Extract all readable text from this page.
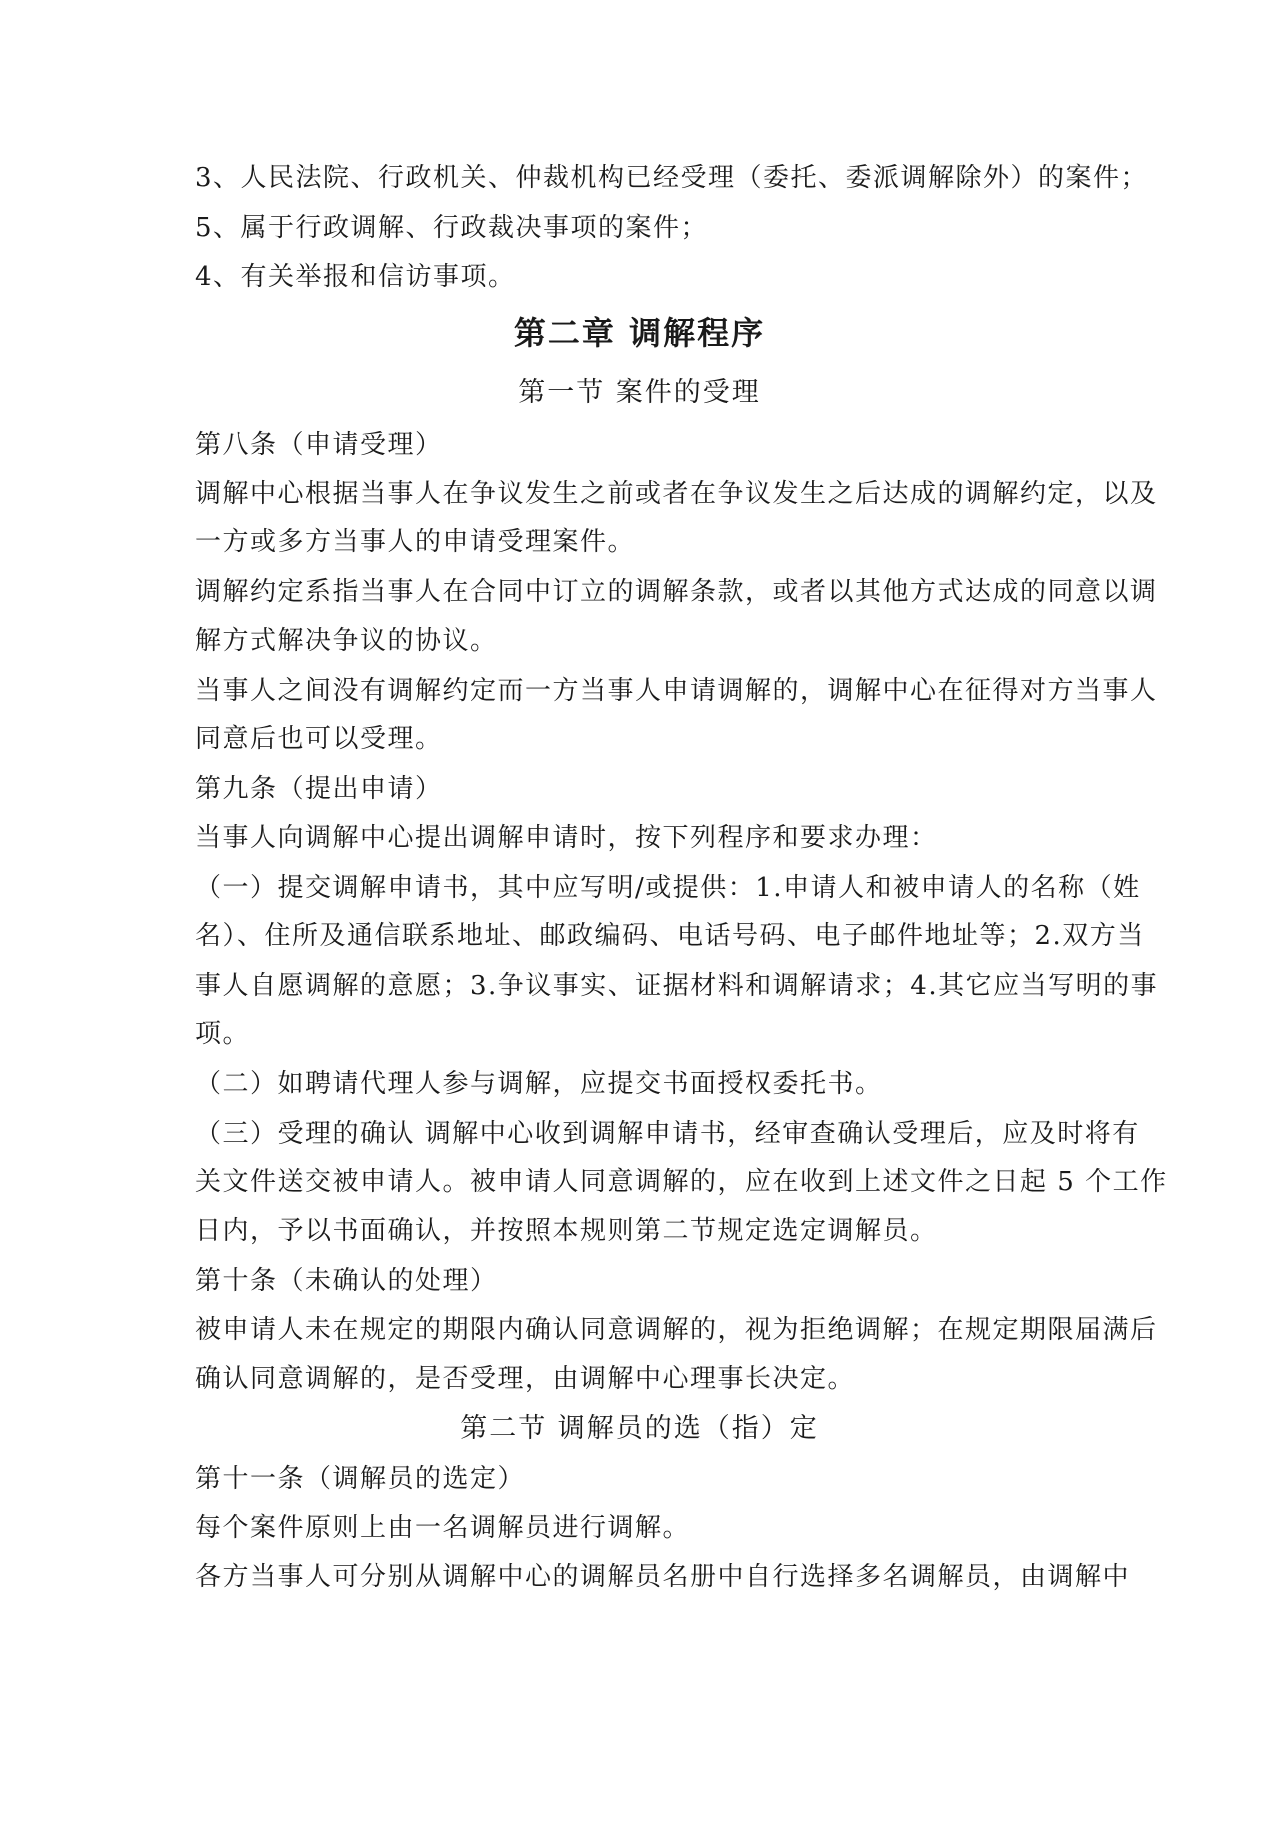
3、人民法院、行政机关、仲裁机构已经受理（委托、委派调解除外）的案件；
5、属于行政调解、行政裁决事项的案件；
4、有关举报和信访事项。
第二章 调解程序
第一节 案件的受理
第八条（申请受理）
调解中心根据当事人在争议发生之前或者在争议发生之后达成的调解约定，以及
一方或多方当事人的申请受理案件。
调解约定系指当事人在合同中订立的调解条款，或者以其他方式达成的同意以调
解方式解决争议的协议。
当事人之间没有调解约定而一方当事人申请调解的，调解中心在征得对方当事人
同意后也可以受理。
第九条（提出申请）
当事人向调解中心提出调解申请时，按下列程序和要求办理：
（一）提交调解申请书，其中应写明/或提供：1.申请人和被申请人的名称（姓
名）、住所及通信联系地址、邮政编码、电话号码、电子邮件地址等；2.双方当
事人自愿调解的意愿；3.争议事实、证据材料和调解请求；4.其它应当写明的事
项。
（二）如聘请代理人参与调解，应提交书面授权委托书。
（三）受理的确认 调解中心收到调解申请书，经审查确认受理后，应及时将有
关文件送交被申请人。被申请人同意调解的，应在收到上述文件之日起 5 个工作
日内，予以书面确认，并按照本规则第二节规定选定调解员。
第十条（未确认的处理）
被申请人未在规定的期限内确认同意调解的，视为拒绝调解；在规定期限届满后
确认同意调解的，是否受理，由调解中心理事长决定。
第二节 调解员的选（指）定
第十一条（调解员的选定）
每个案件原则上由一名调解员进行调解。
各方当事人可分别从调解中心的调解员名册中自行选择多名调解员，由调解中
